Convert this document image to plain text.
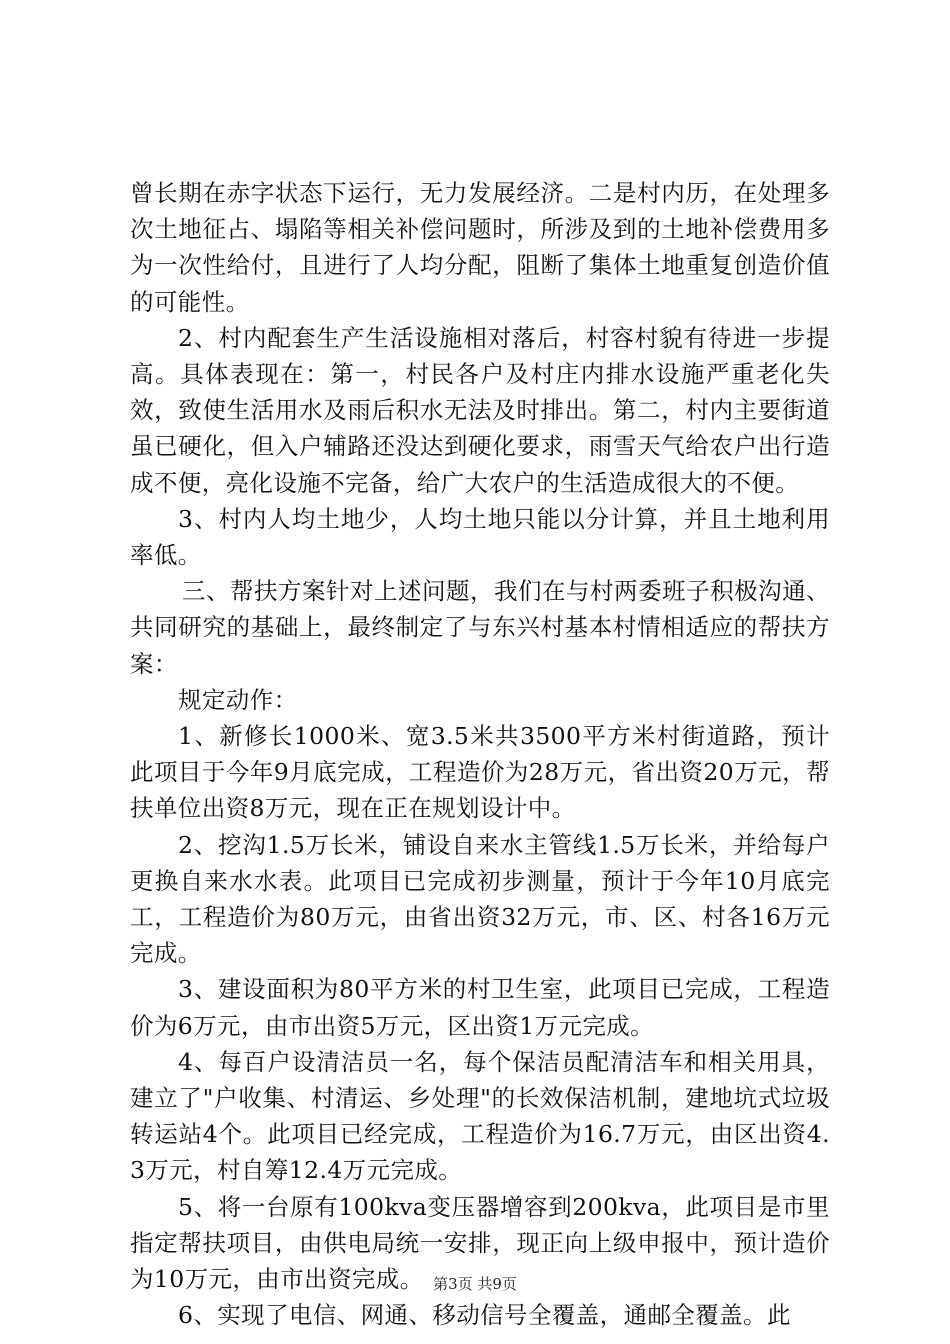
曾长期在赤字状态下运行，无力发展经济。二是村内历，在处理多次土地征占、塌陷等相关补偿问题时，所涉及到的土地补偿费用多为一次性给付，且进行了人均分配，阻断了集体土地重复创造价值的可能性。

2、村内配套生产生活设施相对落后，村容村貌有待进一步提高。具体表现在：第一，村民各户及村庄内排水设施严重老化失效，致使生活用水及雨后积水无法及时排出。第二，村内主要街道虽已硬化，但入户辅路还没达到硬化要求，雨雪天气给农户出行造成不便，亮化设施不完备，给广大农户的生活造成很大的不便。

3、村内人均土地少，人均土地只能以分计算，并且土地利用率低。

三、帮扶方案针对上述问题，我们在与村两委班子积极沟通、共同研究的基础上，最终制定了与东兴村基本村情相适应的帮扶方案：

规定动作：

1、新修长1000米、宽3.5米共3500平方米村街道路，预计此项目于今年9月底完成，工程造价为28万元，省出资20万元，帮扶单位出资8万元，现在正在规划设计中。

2、挖沟1.5万长米，铺设自来水主管线1.5万长米，并给每户更换自来水水表。此项目已完成初步测量，预计于今年10月底完工，工程造价为80万元，由省出资32万元，市、区、村各16万元完成。

3、建设面积为80平方米的村卫生室，此项目已完成，工程造价为6万元，由市出资5万元，区出资1万元完成。

4、每百户设清洁员一名，每个保洁员配清洁车和相关用具，建立了"户收集、村清运、乡处理"的长效保洁机制，建地坑式垃圾转运站4个。此项目已经完成，工程造价为16.7万元，由区出资4.3万元，村自筹12.4万元完成。

5、将一台原有100kva变压器增容到200kva，此项目是市里指定帮扶项目，由供电局统一安排，现正向上级申报中，预计造价为10万元，由市出资完成。

6、实现了电信、网通、移动信号全覆盖，通邮全覆盖。此

第3页 共9页
